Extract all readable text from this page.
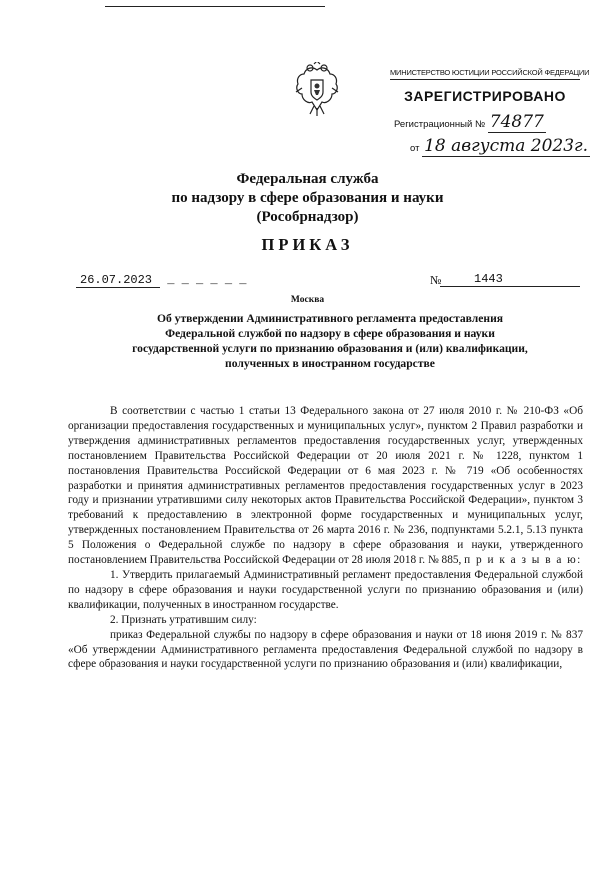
МИНИСТЕРСТВО ЮСТИЦИИ РОССИЙСКОЙ ФЕДЕРАЦИИ
ЗАРЕГИСТРИРОВАНО
Регистрационный № 74877
от 18 августа 2023г.
Федеральная служба
по надзору в сфере образования и науки
(Рособрнадзор)
ПРИКАЗ
26.07.2023 _ _ _ _ _ _	№	1443
Москва
Об утверждении Административного регламента предоставления
Федеральной службой по надзору в сфере образования и науки
государственной услуги по признанию образования и (или) квалификации,
полученных в иностранном государстве

В соответствии с частью 1 статьи 13 Федерального закона от 27 июля 2010 г. № 210-ФЗ «Об организации предоставления государственных и муниципальных услуг», пунктом 2 Правил разработки и утверждения административных регламентов предоставления государственных услуг, утвержденных постановлением Правительства Российской Федерации от 20 июля 2021 г. № 1228, пунктом 1 постановления Правительства Российской Федерации от 6 мая 2023 г. № 719 «Об особенностях разработки и принятия административных регламентов предоставления государственных услуг в 2023 году и признании утратившими силу некоторых актов Правительства Российской Федерации», пунктом 3 требований к предоставлению в электронной форме государственных и муниципальных услуг, утвержденных постановлением Правительства от 26 марта 2016 г. № 236, подпунктами 5.2.1, 5.13 пункта 5 Положения о Федеральной службе по надзору в сфере образования и науки, утвержденного постановлением Правительства Российской Федерации от 28 июля 2018 г. № 885, п р и к а з ы в а ю:

1. Утвердить прилагаемый Административный регламент предоставления Федеральной службой по надзору в сфере образования и науки государственной услуги по признанию образования и (или) квалификации, полученных в иностранном государстве.

2. Признать утратившим силу:

приказ Федеральной службы по надзору в сфере образования и науки от 18 июня 2019 г. № 837 «Об утверждении Административного регламента предоставления Федеральной службой по надзору в сфере образования и науки государственной услуги по признанию образования и (или) квалификации,
